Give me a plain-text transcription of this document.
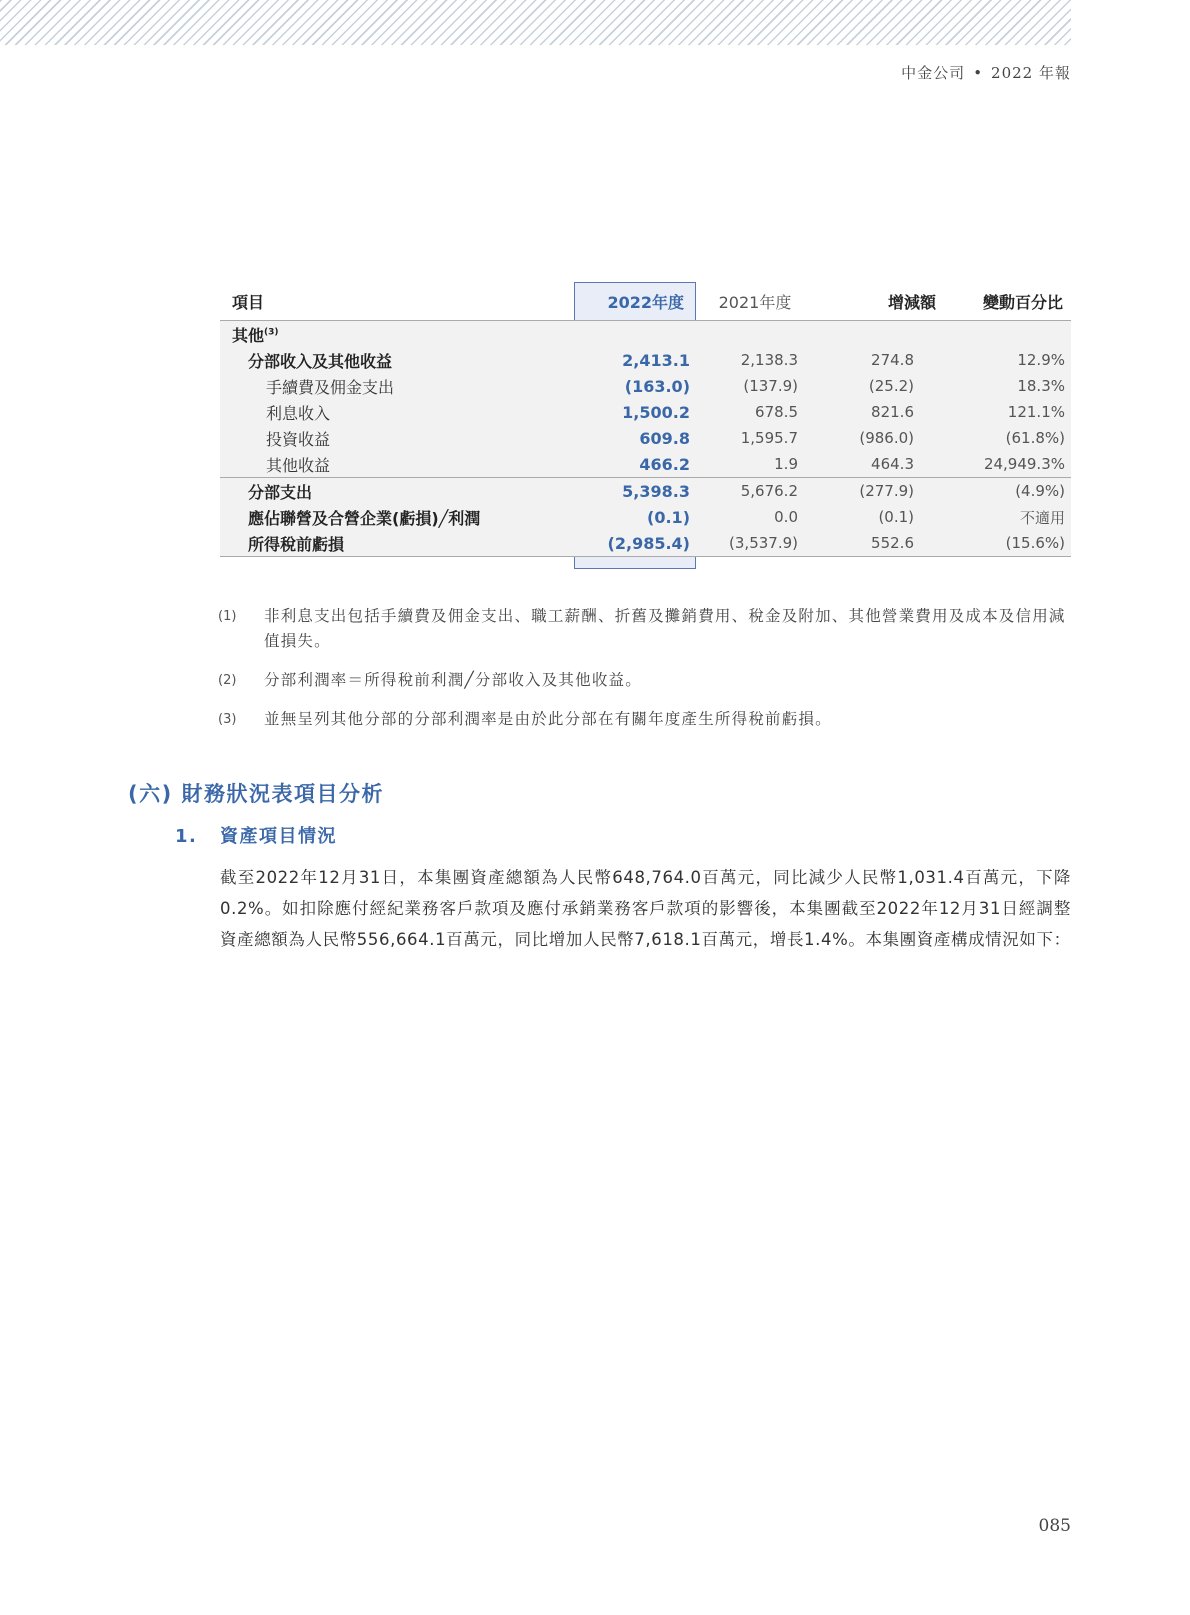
中金公司 • 2022 年報
項目	2022年度	2021年度	增減額	變動百分比
其他$^{(3)}$				
分部收入及其他收益	2,413.1	2,138.3	274.8	12.9%
手續費及佣金支出	(163.0)	(137.9)	(25.2)	18.3%
利息收入	1,500.2	678.5	821.6	121.1%
投資收益	609.8	1,595.7	(986.0)	(61.8%)
其他收益	466.2	1.9	464.3	24,949.3%
分部支出	5,398.3	5,676.2	(277.9)	(4.9%)
應佔聯營及合營企業(虧損)╱利潤	(0.1)	0.0	(0.1)	不適用
所得稅前虧損	(2,985.4)	(3,537.9)	552.6	(15.6%)
(1)	非利息支出包括手續費及佣金支出、職工薪酬、折舊及攤銷費用、稅金及附加、其他營業費用及成本及信用減值損失。
(2)	分部利潤率＝所得稅前利潤╱分部收入及其他收益。
(3)	並無呈列其他分部的分部利潤率是由於此分部在有關年度產生所得稅前虧損。
(六) 財務狀況表項目分析
1. 資產項目情況
截至2022年12月31日，本集團資產總額為人民幣648,764.0百萬元，同比減少人民幣1,031.4百萬元，下降0.2%。如扣除應付經紀業務客戶款項及應付承銷業務客戶款項的影響後，本集團截至2022年12月31日經調整資產總額為人民幣556,664.1百萬元，同比增加人民幣7,618.1百萬元，增長1.4%。本集團資產構成情況如下：
085
